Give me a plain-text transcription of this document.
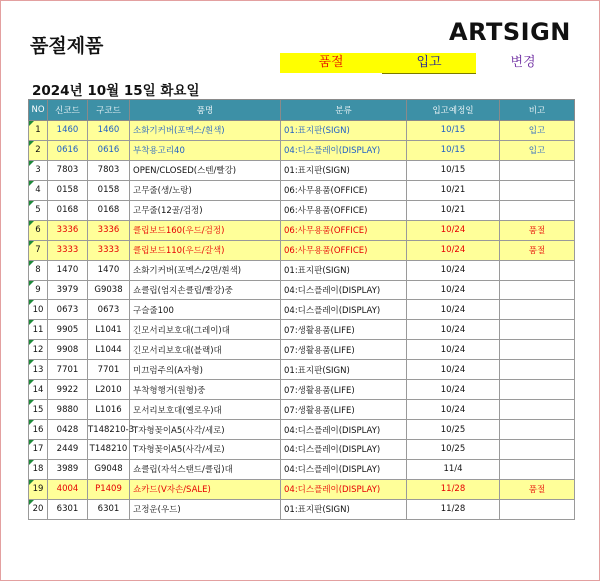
품절제품	ARTSIGN
품절	입고	변경
2024년 10월 15일 화요일
NO	신코드	구코드	품명	분류	입고예정일	비고
1	1460	1460	소화기커버(포멕스/흰색)	01:표지판(SIGN)	10/15	입고
2	0616	0616	부착용고리40	04:디스플레이(DISPLAY)	10/15	입고
3	7803	7803	OPEN/CLOSED(스텐/빨강)	01:표지판(SIGN)	10/15	
4	0158	0158	고무줄(생/노랑)	06:사무용품(OFFICE)	10/21	
5	0168	0168	고무줄(12골/검정)	06:사무용품(OFFICE)	10/21	
6	3336	3336	클립보드160(우드/검정)	06:사무용품(OFFICE)	10/24	품절
7	3333	3333	클립보드110(우드/갈색)	06:사무용품(OFFICE)	10/24	품절
8	1470	1470	소화기커버(포멕스/2면/흰색)	01:표지판(SIGN)	10/24	
9	3979	G9038	쇼클립(엄지손클립/빨강)중	04:디스플레이(DISPLAY)	10/24	
10	0673	0673	구슬줄100	04:디스플레이(DISPLAY)	10/24	
11	9905	L1041	긴모서리보호대(그레이)대	07:생활용품(LIFE)	10/24	
12	9908	L1044	긴모서리보호대(블랙)대	07:생활용품(LIFE)	10/24	
13	7701	7701	미끄럼주의(A자형)	01:표지판(SIGN)	10/24	
14	9922	L2010	부착형행거(원형)중	07:생활용품(LIFE)	10/24	
15	9880	L1016	모서리보호대(옐로우)대	07:생활용품(LIFE)	10/24	
16	0428	T148210-3	T자형꽂이A5(사각/세로)	04:디스플레이(DISPLAY)	10/25	
17	2449	T148210	T자형꽂이A5(사각/세로)	04:디스플레이(DISPLAY)	10/25	
18	3989	G9048	쇼클립(자석스탠드/클립)대	04:디스플레이(DISPLAY)	11/4	
19	4004	P1409	쇼카드(V자손/SALE)	04:디스플레이(DISPLAY)	11/28	품절
20	6301	6301	고정운(우드)	01:표지판(SIGN)	11/28	
